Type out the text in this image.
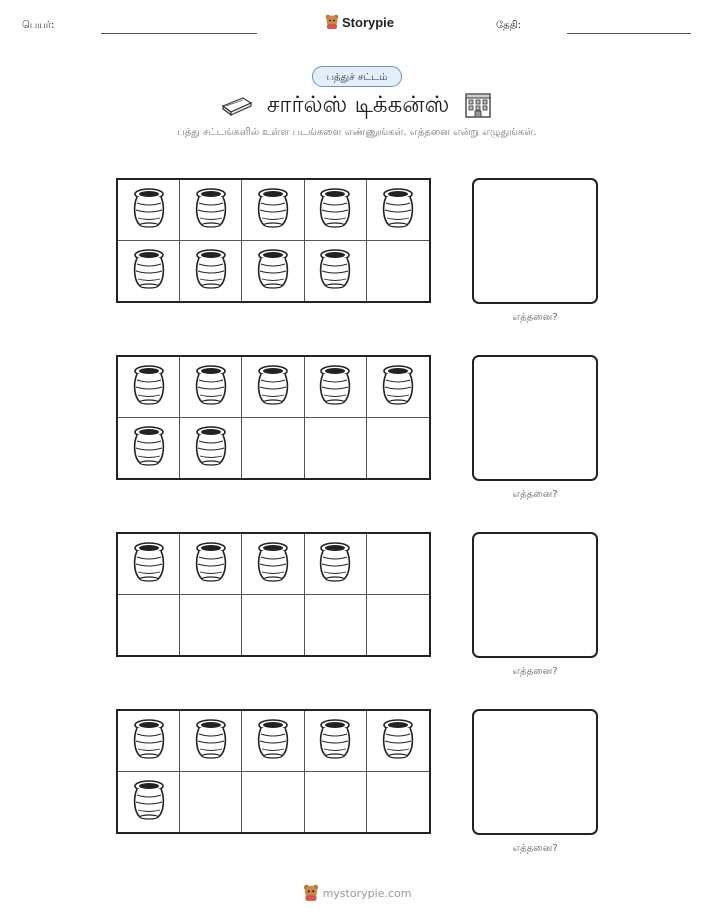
பெயர்:	Storypie	தேதி:
பத்துச் சட்டம்
சார்ல்ஸ் டிக்கன்ஸ்
பத்து சட்டங்களில் உள்ள படங்களை எண்ணுங்கள். எத்தனை என்று எழுதுங்கள்.
எத்தனை?
எத்தனை?
எத்தனை?
எத்தனை?
mystorypie.com
